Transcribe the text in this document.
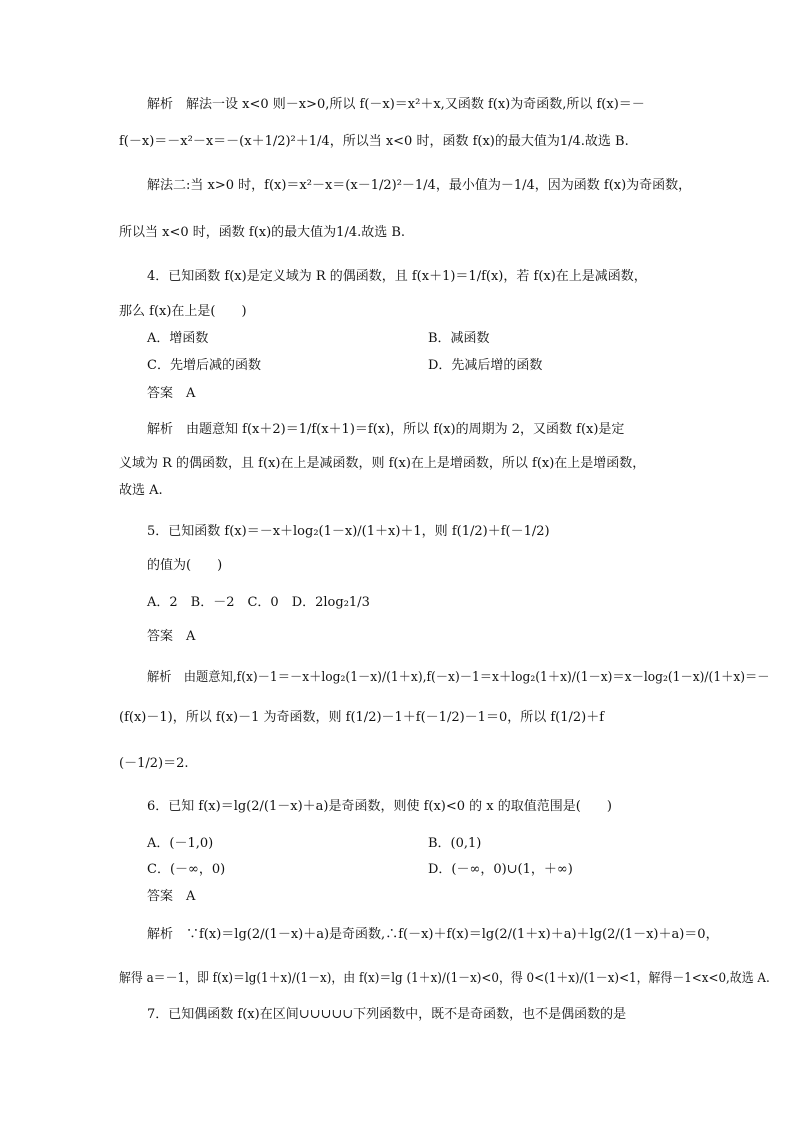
解析　解法一设 x<0 则－x>0,所以 f(－x)＝x²＋x,又函数 f(x)为奇函数,所以 f(x)＝－
f(－x)＝－x²－x＝－(x＋1/2)²＋1/4，所以当 x<0 时，函数 f(x)的最大值为1/4.故选 B.
解法二:当 x>0 时，f(x)＝x²－x＝(x－1/2)²－1/4，最小值为－1/4，因为函数 f(x)为奇函数，
所以当 x<0 时，函数 f(x)的最大值为1/4.故选 B.
4．已知函数 f(x)是定义域为 R 的偶函数，且 f(x＋1)＝1/f(x)，若 f(x)在上是减函数，
那么 f(x)在上是(　　)
A．增函数	B．减函数
C．先增后减的函数	D．先减后增的函数
答案　A
解析　由题意知 f(x＋2)＝1/f(x＋1)＝f(x)，所以 f(x)的周期为 2，又函数 f(x)是定
义域为 R 的偶函数，且 f(x)在上是减函数，则 f(x)在上是增函数，所以 f(x)在上是增函数，
故选 A.
5．已知函数 f(x)＝－x＋log₂(1－x)/(1＋x)＋1，则 f(1/2)＋f(－1/2)
的值为(　　)
A．2　B．－2　C．0　D．2log₂1/3
答案　A
解析　由题意知,f(x)－1＝－x＋log₂(1－x)/(1＋x),f(－x)－1＝x＋log₂(1＋x)/(1－x)＝x－log₂(1－x)/(1＋x)＝－
(f(x)－1)，所以 f(x)－1 为奇函数，则 f(1/2)－1＋f(－1/2)－1＝0，所以 f(1/2)＋f
(－1/2)＝2.
6．已知 f(x)＝lg(2/(1－x)＋a)是奇函数，则使 f(x)<0 的 x 的取值范围是(　　)
A．(－1,0)	B．(0,1)
C．(－∞，0)	D．(－∞，0)∪(1，＋∞)
答案　A
解析　∵f(x)＝lg(2/(1－x)＋a)是奇函数,∴f(－x)＋f(x)＝lg(2/(1＋x)＋a)＋lg(2/(1－x)＋a)＝0，
解得 a＝－1，即 f(x)＝lg(1＋x)/(1－x)，由 f(x)＝lg (1＋x)/(1－x)<0，得 0<(1＋x)/(1－x)<1，解得－1<x<0,故选 A.
7．已知偶函数 f(x)在区间∪∪∪∪∪下列函数中，既不是奇函数，也不是偶函数的是
